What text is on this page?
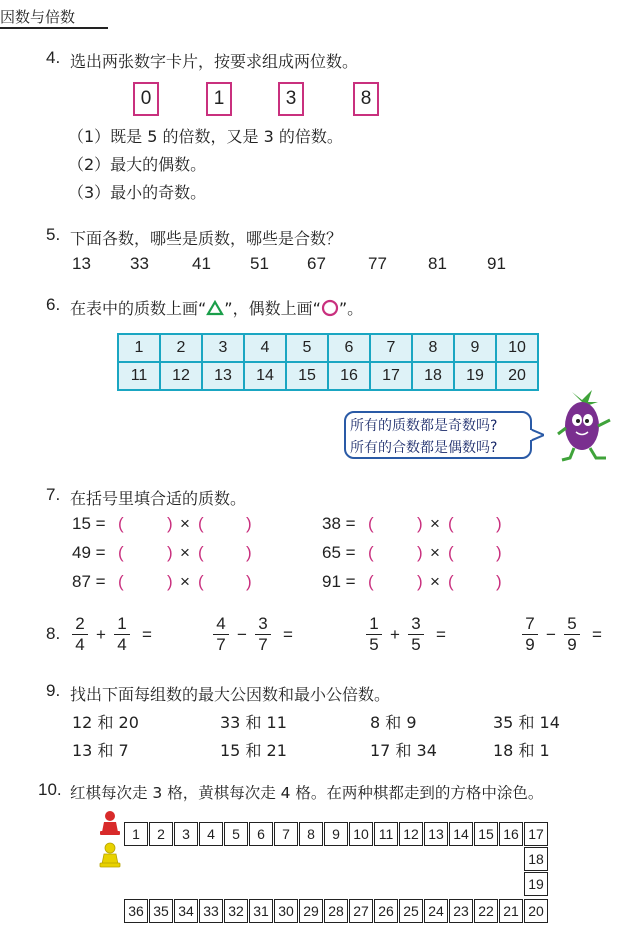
因数与倍数
4. 选出两张数字卡片，按要求组成两位数。
0	1	3	8
（1）既是 5 的倍数，又是 3 的倍数。
（2）最大的偶数。
（3）最小的奇数。
5. 下面各数，哪些是质数，哪些是合数？
13 33	41 51 67 77 81 91
6. 在表中的质数上画“ ”，偶数上画“ ”。
1	2	3	4	5	6	7	8	9	10
11	12	13	14	15	16	17	18	19	20
所有的质数都是奇数吗?
所有的合数都是偶数吗?
7. 在括号里填合适的质数。
15 = (	) × ( )
49 = (	) × ( )
87 = (	) × ( )
38 = (	) × ( )
65 = (	) × ( )
91 = (	) × ( )
8. $\frac{2}{4} + \frac{1}{4}$ =	$\frac{4}{7} - \frac{3}{7}$ =	$\frac{1}{5} + \frac{3}{5}$ =	$\frac{7}{9} - \frac{5}{9}$ =
9. 找出下面每组数的最大公因数和最小公倍数。
12 和 20	33 和 11	8 和 9	35 和 14
13 和 7	15 和 21	17 和 34	18 和 1
10. 红棋每次走 3 格，黄棋每次走 4 格。在两种棋都走到的方格中涂色。
1	2	3	4	5	6	7	8	9 10 11 12 13 14 15 16 17
18
19
36 35 34 33 32 31 30 29 28 27 26 25 24 23 22 21 20
